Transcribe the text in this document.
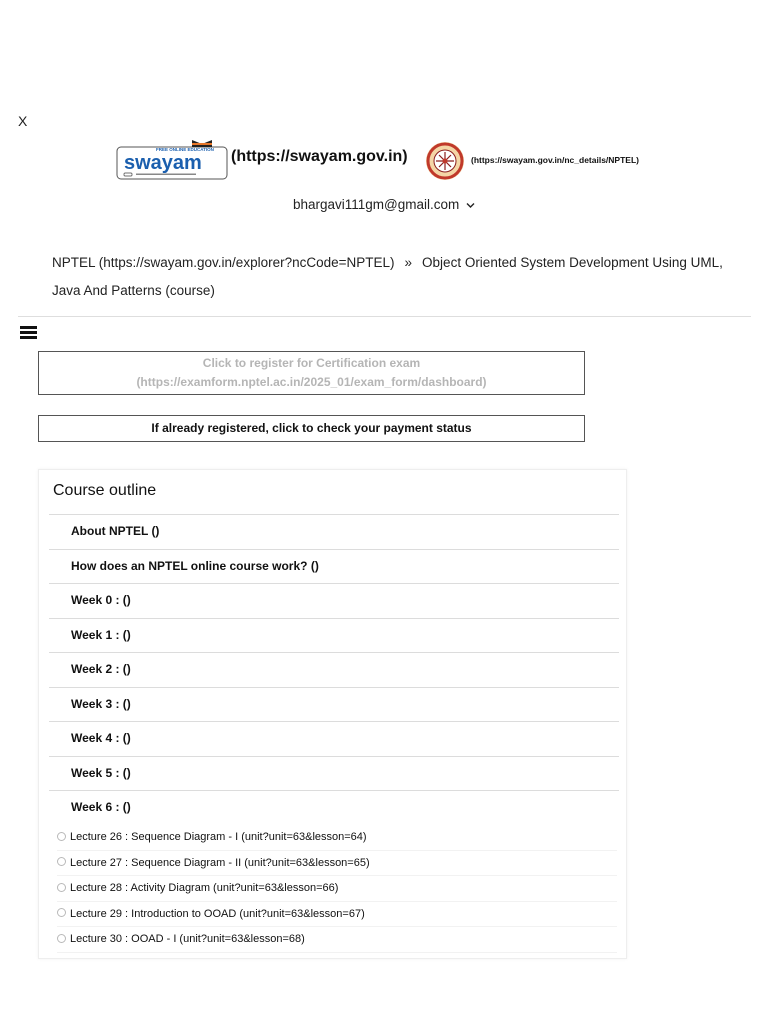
X
FREE ONLINE EDUCATION
swayam (https://swayam.gov.in)	(https://swayam.gov.in/nc_details/NPTEL)
bhargavi111gm@gmail.com
NPTEL (https://swayam.gov.in/explorer?ncCode=NPTEL) » Object Oriented System Development Using UML, Java And Patterns (course)
Click to register for Certification exam
(https://examform.nptel.ac.in/2025_01/exam_form/dashboard)
If already registered, click to check your payment status
Course outline
About NPTEL ()
How does an NPTEL online course work? ()
Week 0 : ()
Week 1 : ()
Week 2 : ()
Week 3 : ()
Week 4 : ()
Week 5 : ()
Week 6 : ()
Lecture 26 : Sequence Diagram - I (unit?unit=63&lesson=64)
Lecture 27 : Sequence Diagram - II (unit?unit=63&lesson=65)
Lecture 28 : Activity Diagram (unit?unit=63&lesson=66)
Lecture 29 : Introduction to OOAD (unit?unit=63&lesson=67)
Lecture 30 : OOAD - I (unit?unit=63&lesson=68)
